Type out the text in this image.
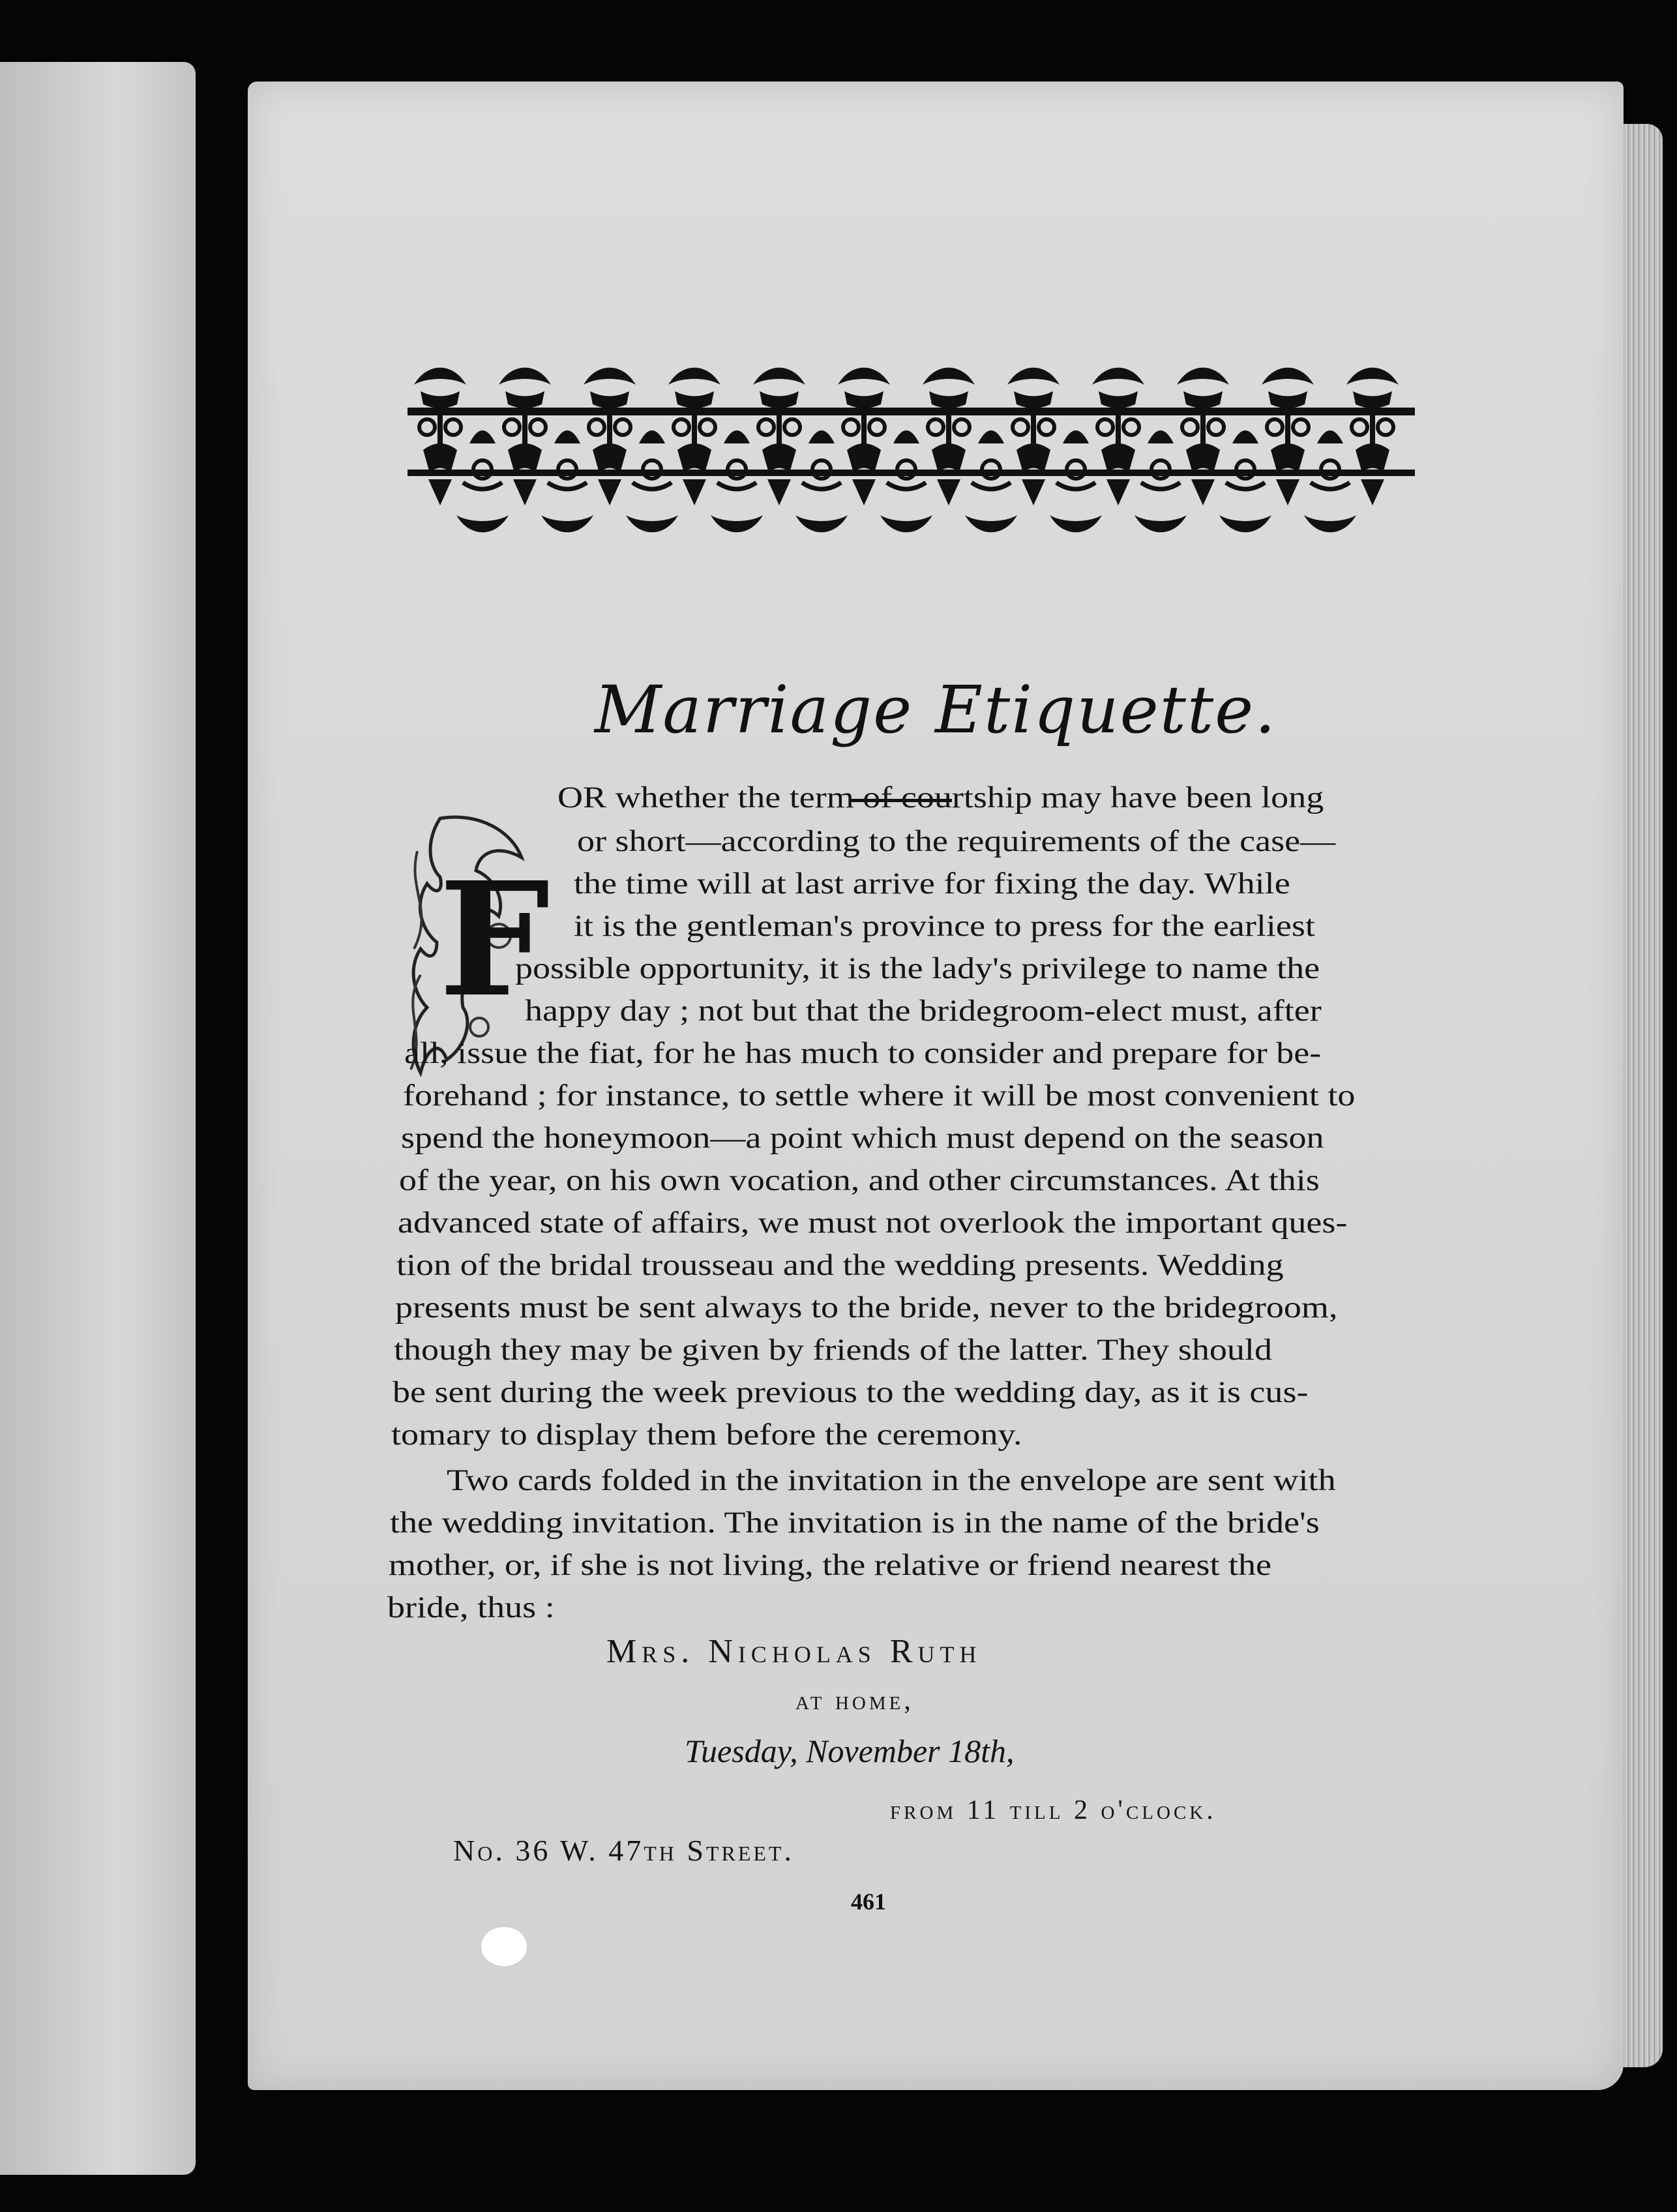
Marriage Etiquette.
F
OR whether the term of courtship may have been long
or short—according to the requirements of the case—
the time will at last arrive for fixing the day. While
it is the gentleman's province to press for the earliest
possible opportunity, it is the lady's privilege to name the
happy day ; not but that the bridegroom-elect must, after
all, issue the fiat, for he has much to consider and prepare for be-
forehand ; for instance, to settle where it will be most convenient to
spend the honeymoon—a point which must depend on the season
of the year, on his own vocation, and other circumstances. At this
advanced state of affairs, we must not overlook the important ques-
tion of the bridal trousseau and the wedding presents. Wedding
presents must be sent always to the bride, never to the bridegroom,
though they may be given by friends of the latter. They should
be sent during the week previous to the wedding day, as it is cus-
tomary to display them before the ceremony.
Two cards folded in the invitation in the envelope are sent with
the wedding invitation. The invitation is in the name of the bride's
mother, or, if she is not living, the relative or friend nearest the
bride, thus :
Mrs. Nicholas Ruth
at home,
Tuesday, November 18th,
from 11 till 2 o'clock.
No. 36 W. 47th Street.
461
